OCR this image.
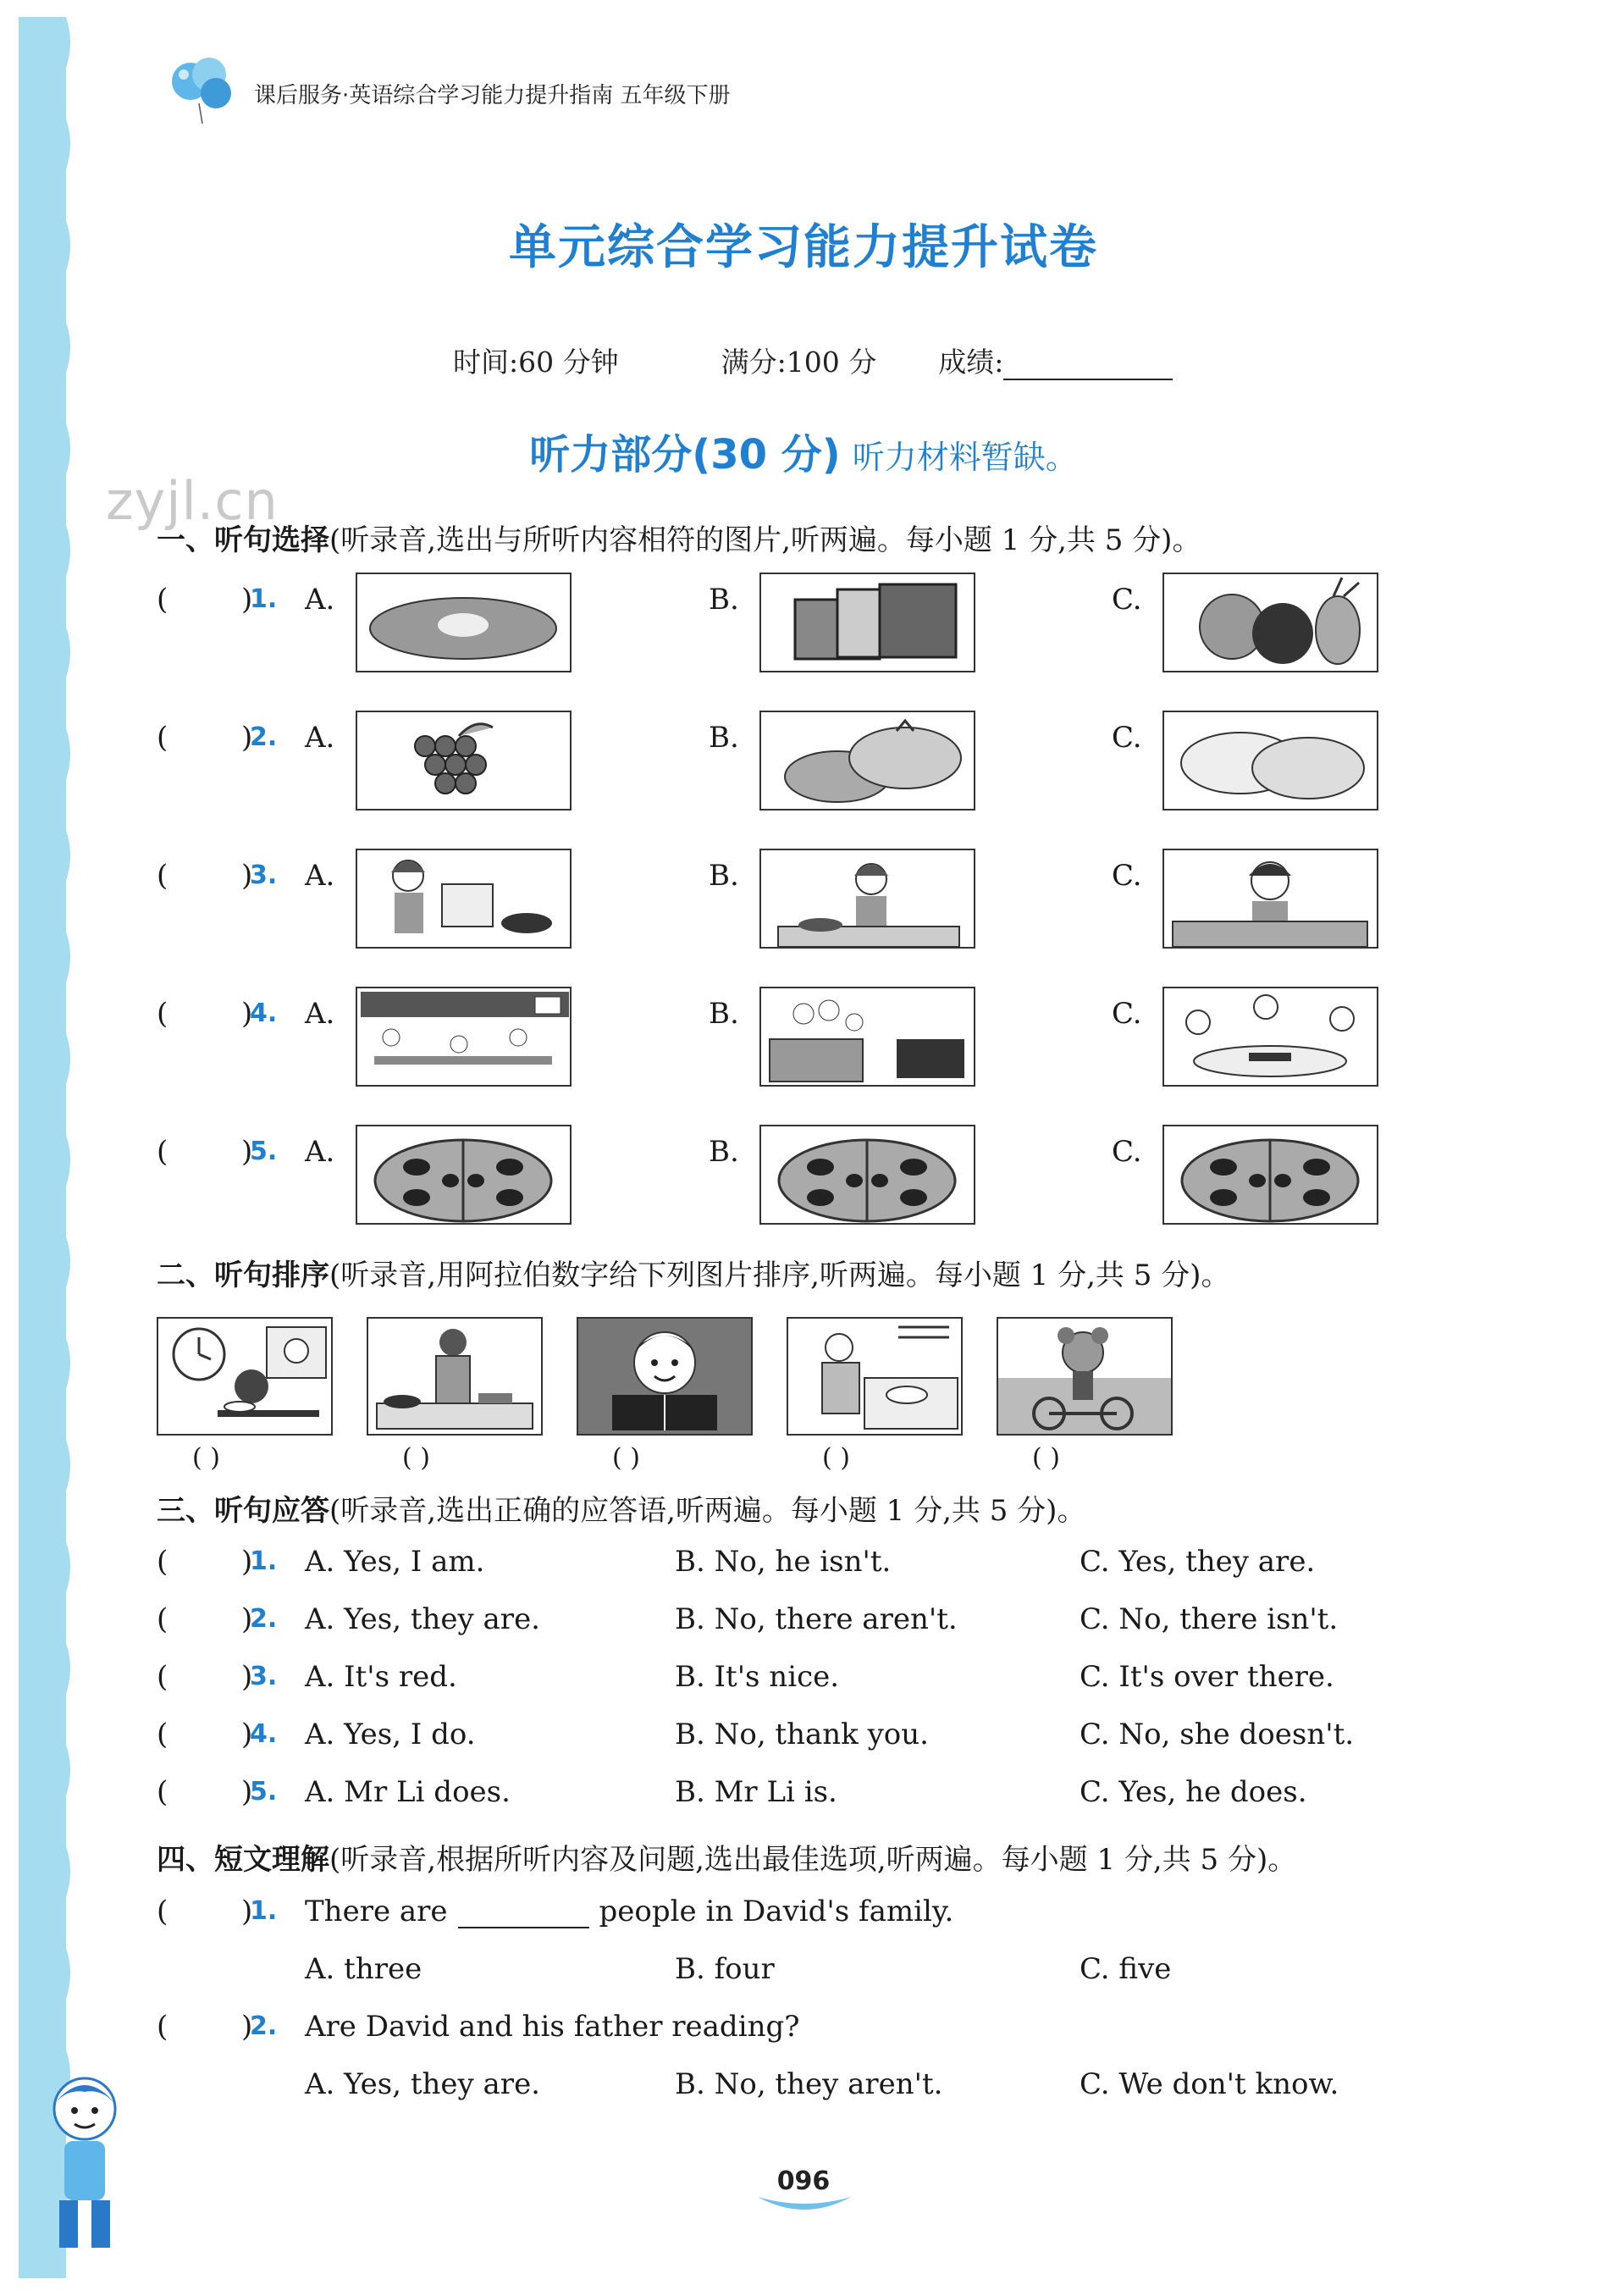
课后服务·英语综合学习能力提升指南 五年级下册
zyjl.cn
单元综合学习能力提升试卷
时间:60 分钟	满分:100 分 成绩:
听力部分(30 分) 听力材料暂缺。
一、听句选择(听录音,选出与所听内容相符的图片,听两遍。每小题 1 分,共 5 分)。
(	)
1. A.	B.	C.
(	)
2. A.	B.	C.
(	)
3. A.	B.	C.
(	)
4. A.	B.	C.
(	)
5. A.	B.	C.
二、听句排序(听录音,用阿拉伯数字给下列图片排序,听两遍。每小题 1 分,共 5 分)。
( )	( )	( )	( )	( )
三、听句应答(听录音,选出正确的应答语,听两遍。每小题 1 分,共 5 分)。
(	)
1. A. Yes, I am.	B. No, he isn't.	C. Yes, they are.
(	)
2. A. Yes, they are.	B. No, there aren't.	C. No, there isn't.
(	)
3. A. It's red.	B. It's nice.	C. It's over there.
(	)
4. A. Yes, I do.	B. No, thank you.	C. No, she doesn't.
(	)
5. A. Mr Li does.	B. Mr Li is.	C. Yes, he does.
四、短文理解(听录音,根据所听内容及问题,选出最佳选项,听两遍。每小题 1 分,共 5 分)。
(	)
1. There are	people in David's family.
A. three	B. four	C. five
(	)
2. Are David and his father reading?
A. Yes, they are.	B. No, they aren't.	C. We don't know.
096
